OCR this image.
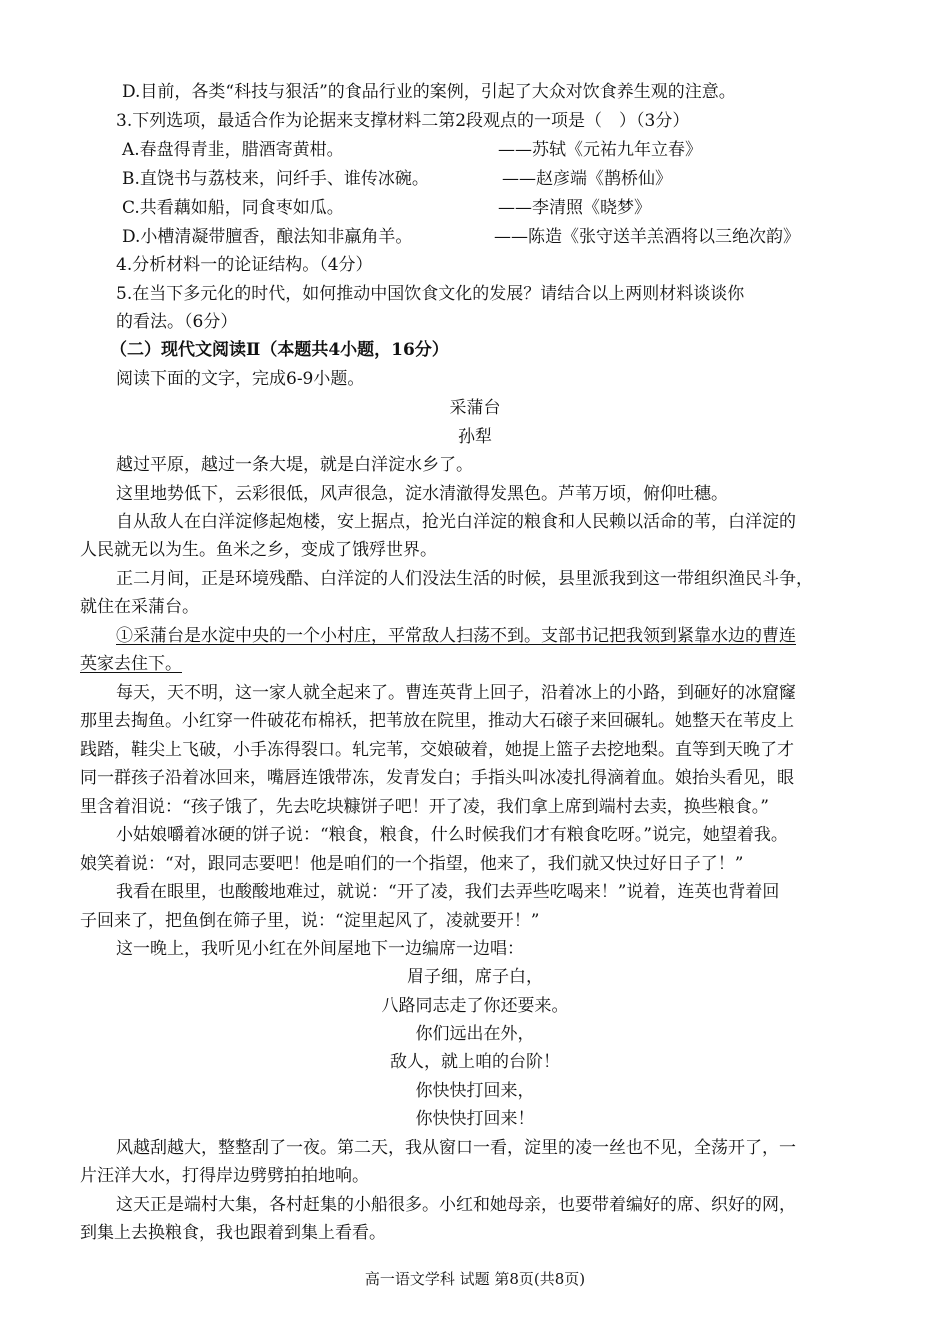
D.目前，各类“科技与狠活”的食品行业的案例，引起了大众对饮食养生观的注意。
3.下列选项，最适合作为论据来支撑材料二第2段观点的一项是（　）（3分）
A.春盘得青韭，腊酒寄黄柑。	——苏轼《元祐九年立春》
B.直饶书与荔枝来，问纤手、谁传冰碗。	——赵彦端《鹊桥仙》
C.共看藕如船，同食枣如瓜。	——李清照《晓梦》
D.小槽清凝带膻香，酿法知非羸角羊。	——陈造《张守送羊羔酒将以三绝次韵》
4.分析材料一的论证结构。（4分）
5.在当下多元化的时代，如何推动中国饮食文化的发展？请结合以上两则材料谈谈你
的看法。（6分）
（二）现代文阅读Ⅱ（本题共4小题，16分）
阅读下面的文字，完成6-9小题。
采蒲台
孙犁
越过平原，越过一条大堤，就是白洋淀水乡了。
这里地势低下，云彩很低，风声很急，淀水清澈得发黑色。芦苇万顷，俯仰吐穗。
自从敌人在白洋淀修起炮楼，安上据点，抢光白洋淀的粮食和人民赖以活命的苇，白洋淀的
人民就无以为生。鱼米之乡，变成了饿殍世界。
正二月间，正是环境残酷、白洋淀的人们没法生活的时候，县里派我到这一带组织渔民斗争，
就住在采蒲台。
①采蒲台是水淀中央的一个小村庄，平常敌人扫荡不到。支部书记把我领到紧靠水边的曹连
英家去住下。
每天，天不明，这一家人就全起来了。曹连英背上回子，沿着冰上的小路，到砸好的冰窟窿
那里去掏鱼。小红穿一件破花布棉袄，把苇放在院里，推动大石磙子来回碾轧。她整天在苇皮上
践踏，鞋尖上飞破，小手冻得裂口。轧完苇，交娘破着，她提上篮子去挖地梨。直等到天晚了才
同一群孩子沿着冰回来，嘴唇连饿带冻，发青发白；手指头叫冰凌扎得滴着血。娘抬头看见，眼
里含着泪说：“孩子饿了，先去吃块糠饼子吧！开了凌，我们拿上席到端村去卖，换些粮食。”
小姑娘嚼着冰硬的饼子说：“粮食，粮食，什么时候我们才有粮食吃呀。”说完，她望着我。
娘笑着说：“对，跟同志要吧！他是咱们的一个指望，他来了，我们就又快过好日子了！”
我看在眼里，也酸酸地难过，就说：“开了凌，我们去弄些吃喝来！”说着，连英也背着回
子回来了，把鱼倒在筛子里，说：“淀里起风了，凌就要开！”
这一晚上，我听见小红在外间屋地下一边编席一边唱：
眉子细，席子白，
八路同志走了你还要来。
你们远出在外，
敌人，就上咱的台阶！
你快快打回来，
你快快打回来！
风越刮越大，整整刮了一夜。第二天，我从窗口一看，淀里的凌一丝也不见，全荡开了，一
片汪洋大水，打得岸边劈劈拍拍地响。
这天正是端村大集，各村赶集的小船很多。小红和她母亲，也要带着编好的席、织好的网，
到集上去换粮食，我也跟着到集上看看。
高一语文学科 试题 第8页(共8页)
